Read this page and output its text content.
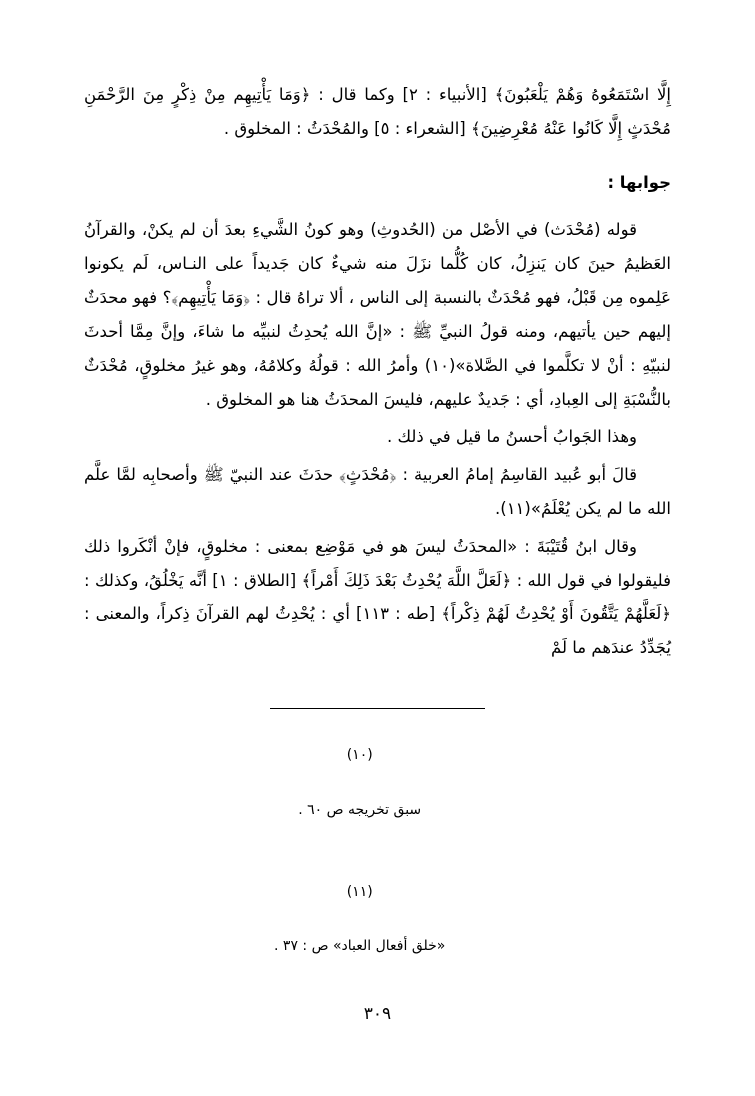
إِلَّا اسْتَمَعُوهُ وَهُمْ يَلْعَبُونَ﴾ [الأنبياء : ٢] وكما قال : ﴿وَمَا يَأْتِيهِم مِنْ ذِكْرٍ مِنَ الرَّحْمَنِ مُحْدَثٍ إِلَّا كَانُوا عَنْهُ مُعْرِضِينَ﴾ [الشعراء : ٥] والمُحْدَثُ : المخلوق .

جوابها :

قوله (مُحْدَث) في الأصْل من (الحُدوثِ) وهو كونُ الشَّيءِ بعدَ أن لم يكنْ، والقرآنُ العَظيمُ حينَ كان يَنزِلُ، كان كُلُّما نزَلَ منه شيءٌ كان جَديداً على النـاس، لَم يكونوا عَلِموه مِن قَبْلُ، فهو مُحْدَثٌ بالنسبة إلى الناس ، ألا تراهُ قال : ﴿وَمَا يَأْتِيهِم﴾؟ فهو محدَثٌ إليهم حين يأتيهم، ومنه قولُ النبيِّ ﷺ : «إنَّ الله يُحدِثُ لنبيِّه ما شاءَ، وإنَّ مِمَّا أحدثَ لنبيّهِ : أنْ لا تكلَّموا في الصَّلاة»(١٠) وأمرُ الله : قولُهُ وكلامُهُ، وهو غيرُ مخلوقٍ، مُحْدَثٌ بالنُّسْبَةِ إلى العِبادِ، أي : جَديدٌ عليهم، فليسَ المحدَثُ هنا هو المخلوق .

وهذا الجَوابُ أحسنُ ما قيل في ذلك .

قالَ أبو عُبيد القاسِمُ إمامُ العربية : ﴿مُحْدَثٍ﴾ حدَثَ عند النبيّ ﷺ وأصحابِه لمَّا علَّم الله ما لم يكن يُعْلَمُ»(١١).

وقال ابنُ قُتَيْبَةَ : «المحدَثُ ليسَ هو في مَوْضِع بمعنى : مخلوقٍ، فإنْ أنْكَروا ذلك فليقولوا في قول الله : ﴿لَعَلَّ اللَّهَ يُحْدِثُ بَعْدَ ذَلِكَ أَمْراً﴾ [الطلاق : ١] أنَّه يَخْلُقُ، وكذلك : ﴿لَعَلَّهُمْ يَتَّقُونَ أَوْ يُحْدِثُ لَهُمْ ذِكْراً﴾ [طه : ١١٣] أي : يُحْدِثُ لهم القرآنَ ذِكراً، والمعنى : يُجَدِّدُ عندَهم ما لَمْ

(١٠)

سبق تخريجه ص ٦٠ .

(١١)

«خلق أفعال العباد» ص : ٣٧ .

٣٠٩
